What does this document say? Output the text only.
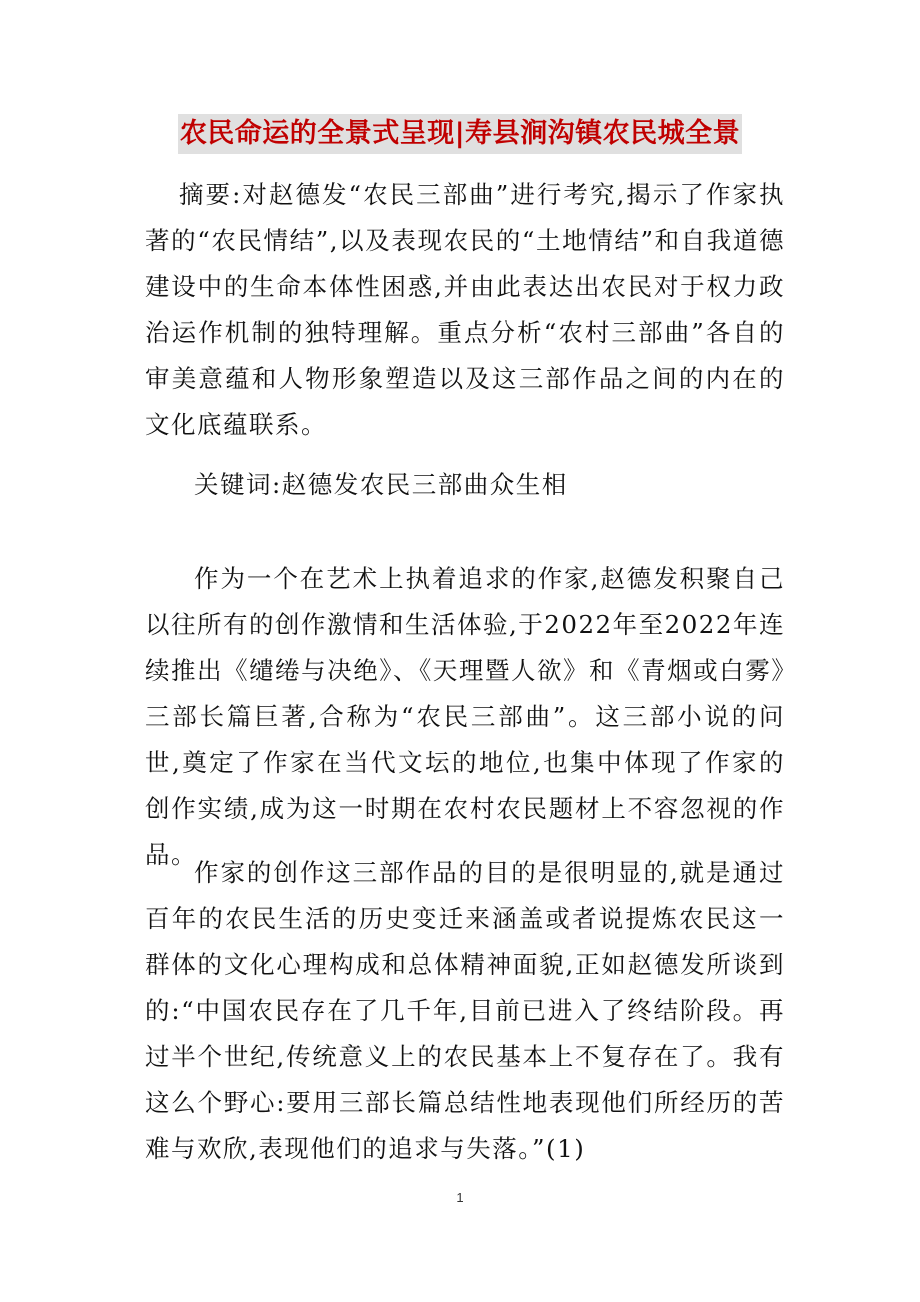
农民命运的全景式呈现|寿县涧沟镇农民城全景

摘要:对赵德发“农民三部曲”进行考究,揭示了作家执著的“农民情结”,以及表现农民的“土地情结”和自我道德建设中的生命本体性困惑,并由此表达出农民对于权力政治运作机制的独特理解。重点分析“农村三部曲”各自的审美意蕴和人物形象塑造以及这三部作品之间的内在的文化底蕴联系。

关键词:赵德发农民三部曲众生相

作为一个在艺术上执着追求的作家,赵德发积聚自己以往所有的创作激情和生活体验,于2022年至2022年连续推出《缱绻与决绝》、《天理暨人欲》和《青烟或白雾》三部长篇巨著,合称为“农民三部曲”。这三部小说的问世,奠定了作家在当代文坛的地位,也集中体现了作家的创作实绩,成为这一时期在农村农民题材上不容忽视的作品。

作家的创作这三部作品的目的是很明显的,就是通过百年的农民生活的历史变迁来涵盖或者说提炼农民这一群体的文化心理构成和总体精神面貌,正如赵德发所谈到的:“中国农民存在了几千年,目前已进入了终结阶段。再过半个世纪,传统意义上的农民基本上不复存在了。我有这么个野心:要用三部长篇总结性地表现他们所经历的苦难与欢欣,表现他们的追求与失落。”(1)

1
